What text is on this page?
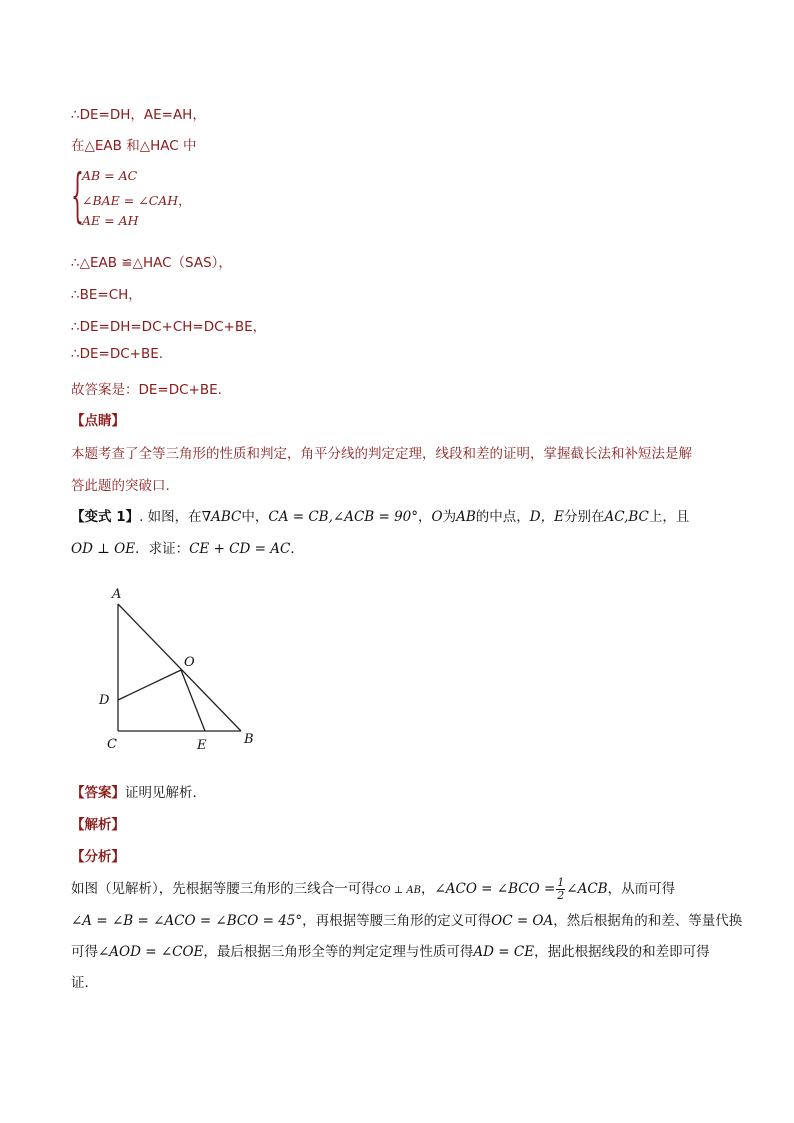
∴DE=DH，AE=AH，
在△EAB 和△HAC 中
{
AB = AC
∠BAE = ∠CAH，
AE = AH
∴△EAB ≌△HAC（SAS），
∴BE=CH，
∴DE=DH=DC+CH=DC+BE，
∴DE=DC+BE.
故答案是：DE=DC+BE.
【点睛】
本题考查了全等三角形的性质和判定，角平分线的判定定理，线段和差的证明，掌握截长法和补短法是解
答此题的突破口.
【变式 1】. 如图，在∇ABC中，CA = CB,∠ACB = 90°，O为AB的中点，D，E分别在AC,BC上，且
OD ⊥ OE．求证：CE + CD = AC．
A
O
D
C	E	B
【答案】证明见解析．
【解析】
【分析】
如图（见解析），先根据等腰三角形的三线合一可得CO ⊥ AB，∠ACO = ∠BCO = $\frac{1}{2}$ ∠ACB，从而可得
∠A = ∠B = ∠ACO = ∠BCO = 45°，再根据等腰三角形的定义可得OC = OA，然后根据角的和差、等量代换
可得∠AOD = ∠COE，最后根据三角形全等的判定定理与性质可得AD = CE，据此根据线段的和差即可得
证．
